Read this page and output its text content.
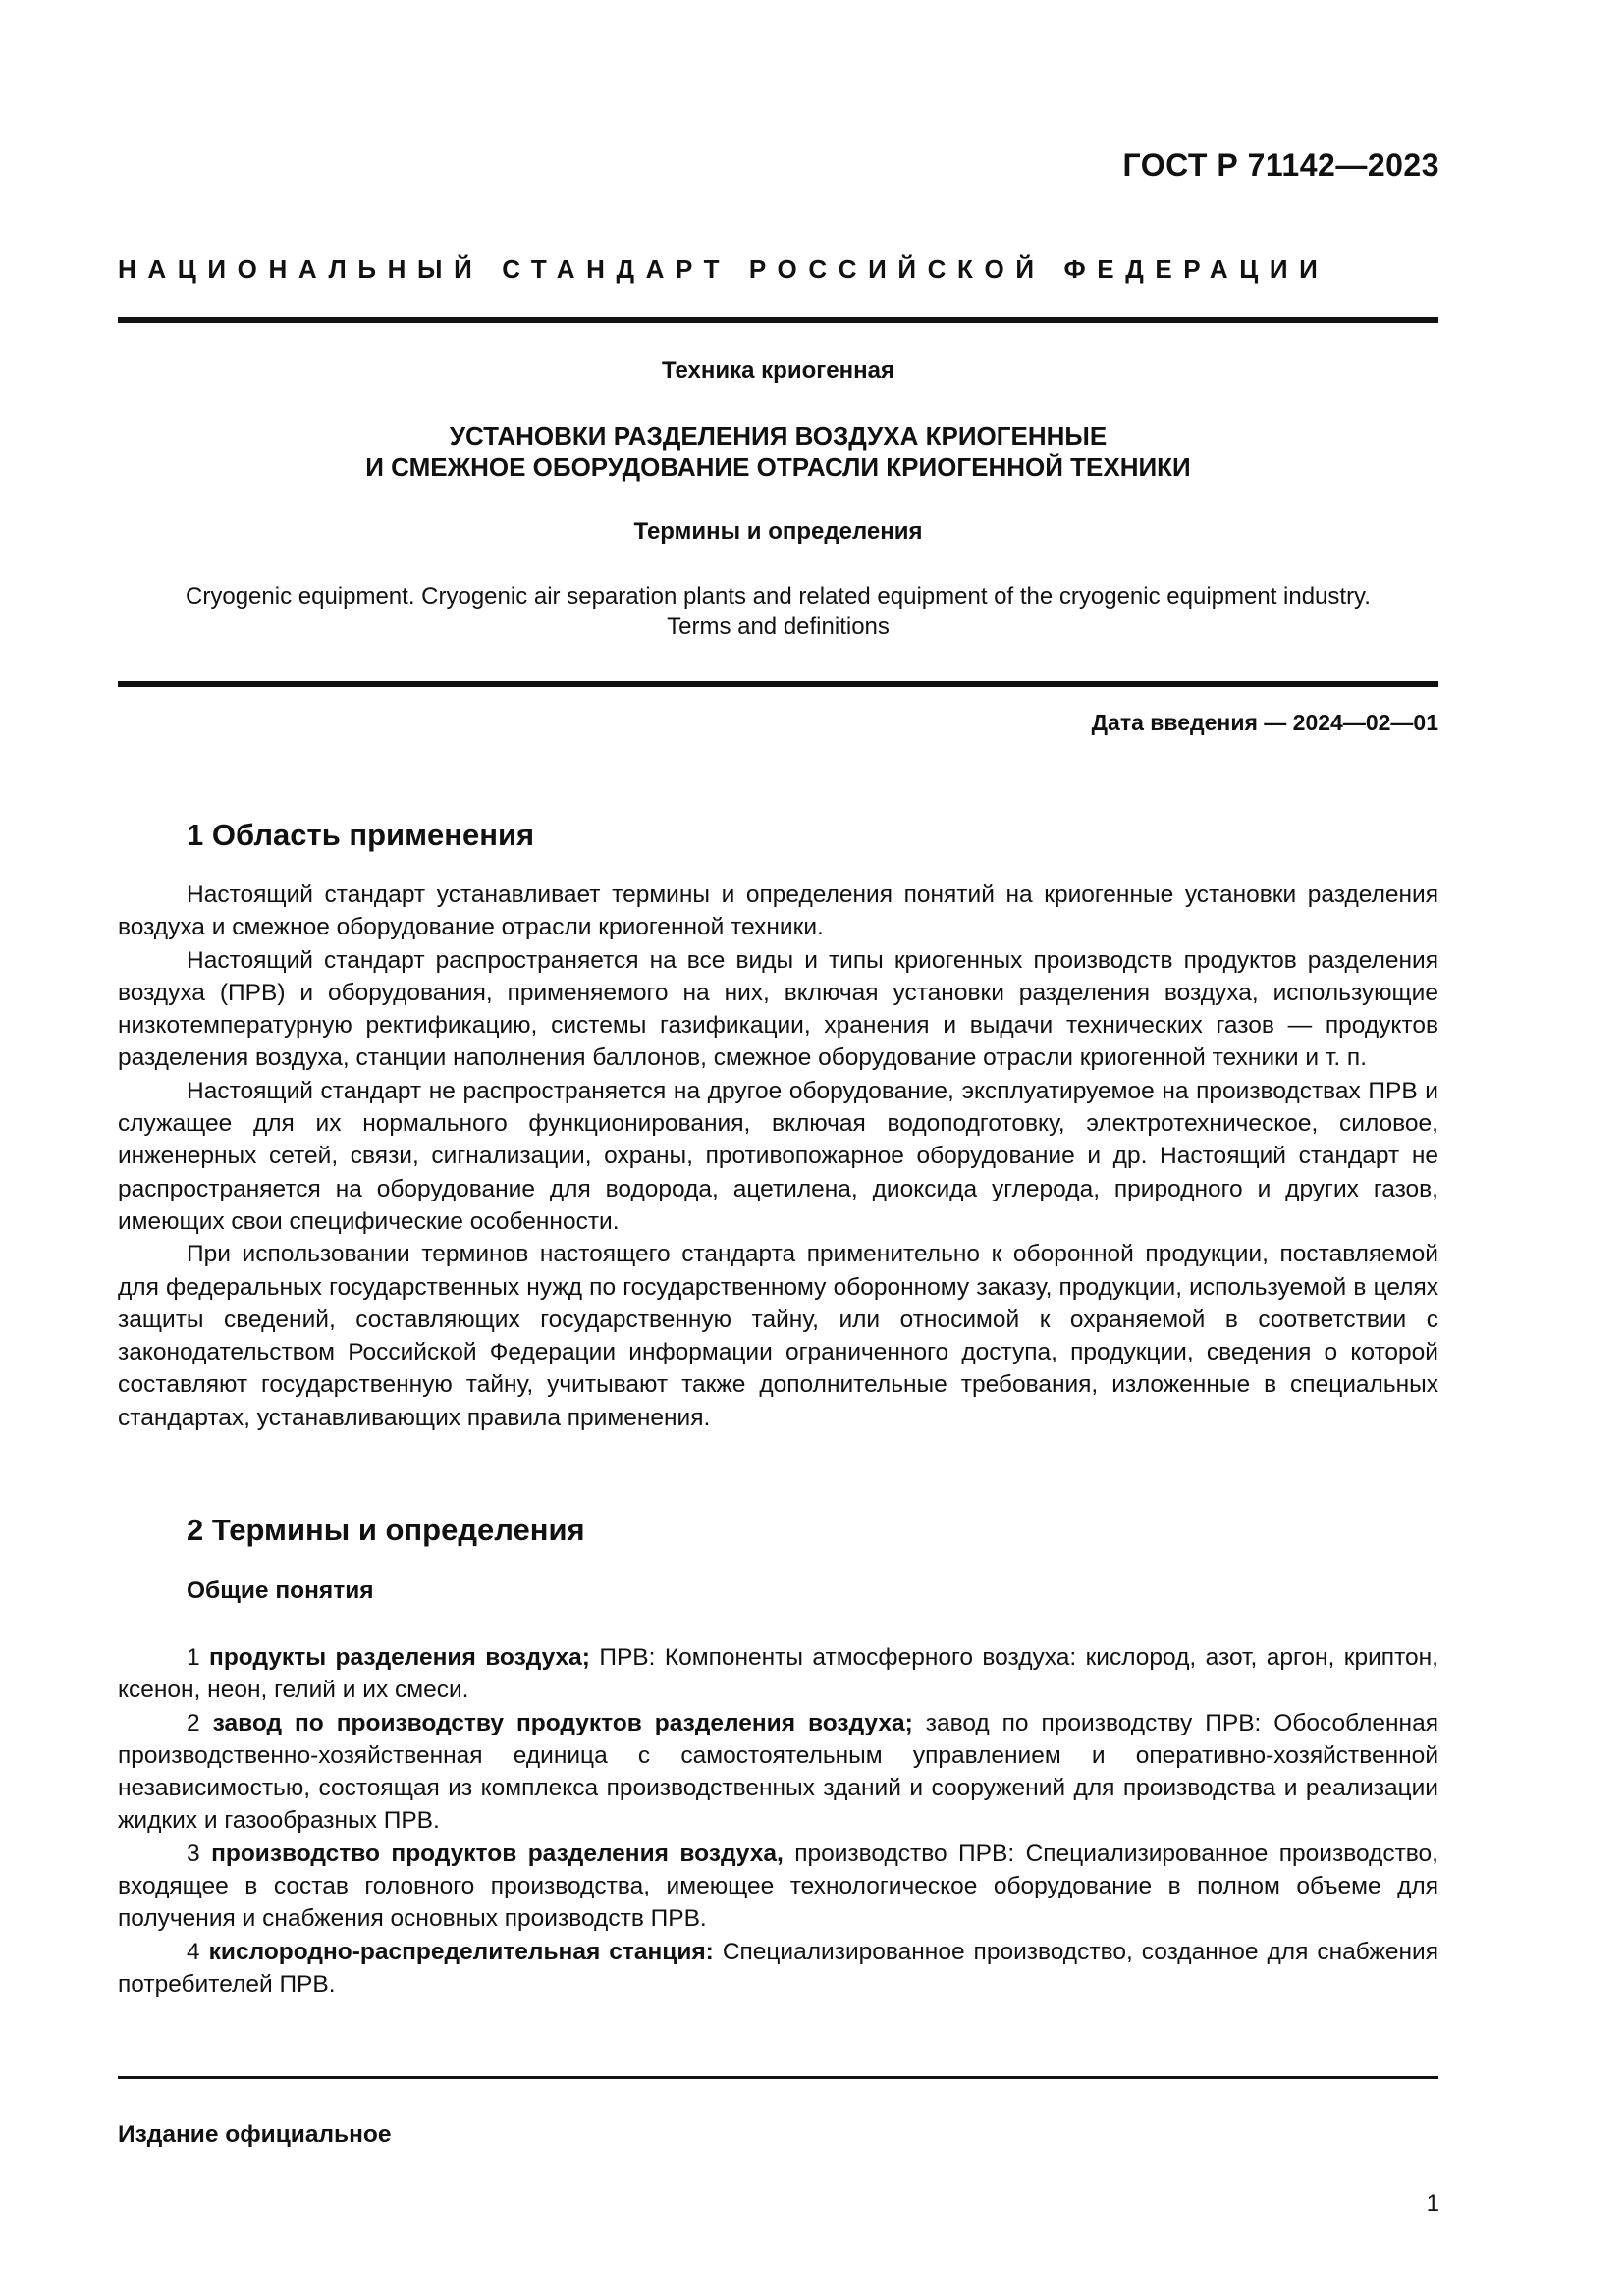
ГОСТ Р 71142—2023
НАЦИОНАЛЬНЫЙ СТАНДАРТ РОССИЙСКОЙ ФЕДЕРАЦИИ
Техника криогенная
УСТАНОВКИ РАЗДЕЛЕНИЯ ВОЗДУХА КРИОГЕННЫЕ
И СМЕЖНОЕ ОБОРУДОВАНИЕ ОТРАСЛИ КРИОГЕННОЙ ТЕХНИКИ
Термины и определения
Cryogenic equipment. Cryogenic air separation plants and related equipment of the cryogenic equipment industry.
Terms and definitions
Дата введения — 2024—02—01
1 Область применения

Настоящий стандарт устанавливает термины и определения понятий на криогенные установки разделения воздуха и смежное оборудование отрасли криогенной техники.

Настоящий стандарт распространяется на все виды и типы криогенных производств продуктов разделения воздуха (ПРВ) и оборудования, применяемого на них, включая установки разделения воздуха, использующие низкотемпературную ректификацию, системы газификации, хранения и выдачи технических газов — продуктов разделения воздуха, станции наполнения баллонов, смежное оборудование отрасли криогенной техники и т. п.

Настоящий стандарт не распространяется на другое оборудование, эксплуатируемое на производствах ПРВ и служащее для их нормального функционирования, включая водоподготовку, электротехническое, силовое, инженерных сетей, связи, сигнализации, охраны, противопожарное оборудование и др. Настоящий стандарт не распространяется на оборудование для водорода, ацетилена, диоксида углерода, природного и других газов, имеющих свои специфические особенности.

При использовании терминов настоящего стандарта применительно к оборонной продукции, поставляемой для федеральных государственных нужд по государственному оборонному заказу, продукции, используемой в целях защиты сведений, составляющих государственную тайну, или относимой к охраняемой в соответствии с законодательством Российской Федерации информации ограниченного доступа, продукции, сведения о которой составляют государственную тайну, учитывают также дополнительные требования, изложенные в специальных стандартах, устанавливающих правила применения.

2 Термины и определения
Общие понятия

1 продукты разделения воздуха; ПРВ: Компоненты атмосферного воздуха: кислород, азот, аргон, криптон, ксенон, неон, гелий и их смеси.

2 завод по производству продуктов разделения воздуха; завод по производству ПРВ: Обособленная производственно-хозяйственная единица с самостоятельным управлением и оперативно-хозяйственной независимостью, состоящая из комплекса производственных зданий и сооружений для производства и реализации жидких и газообразных ПРВ.

3 производство продуктов разделения воздуха, производство ПРВ: Специализированное производство, входящее в состав головного производства, имеющее технологическое оборудование в полном объеме для получения и снабжения основных производств ПРВ.

4 кислородно-распределительная станция: Специализированное производство, созданное для снабжения потребителей ПРВ.

Издание официальное
1
